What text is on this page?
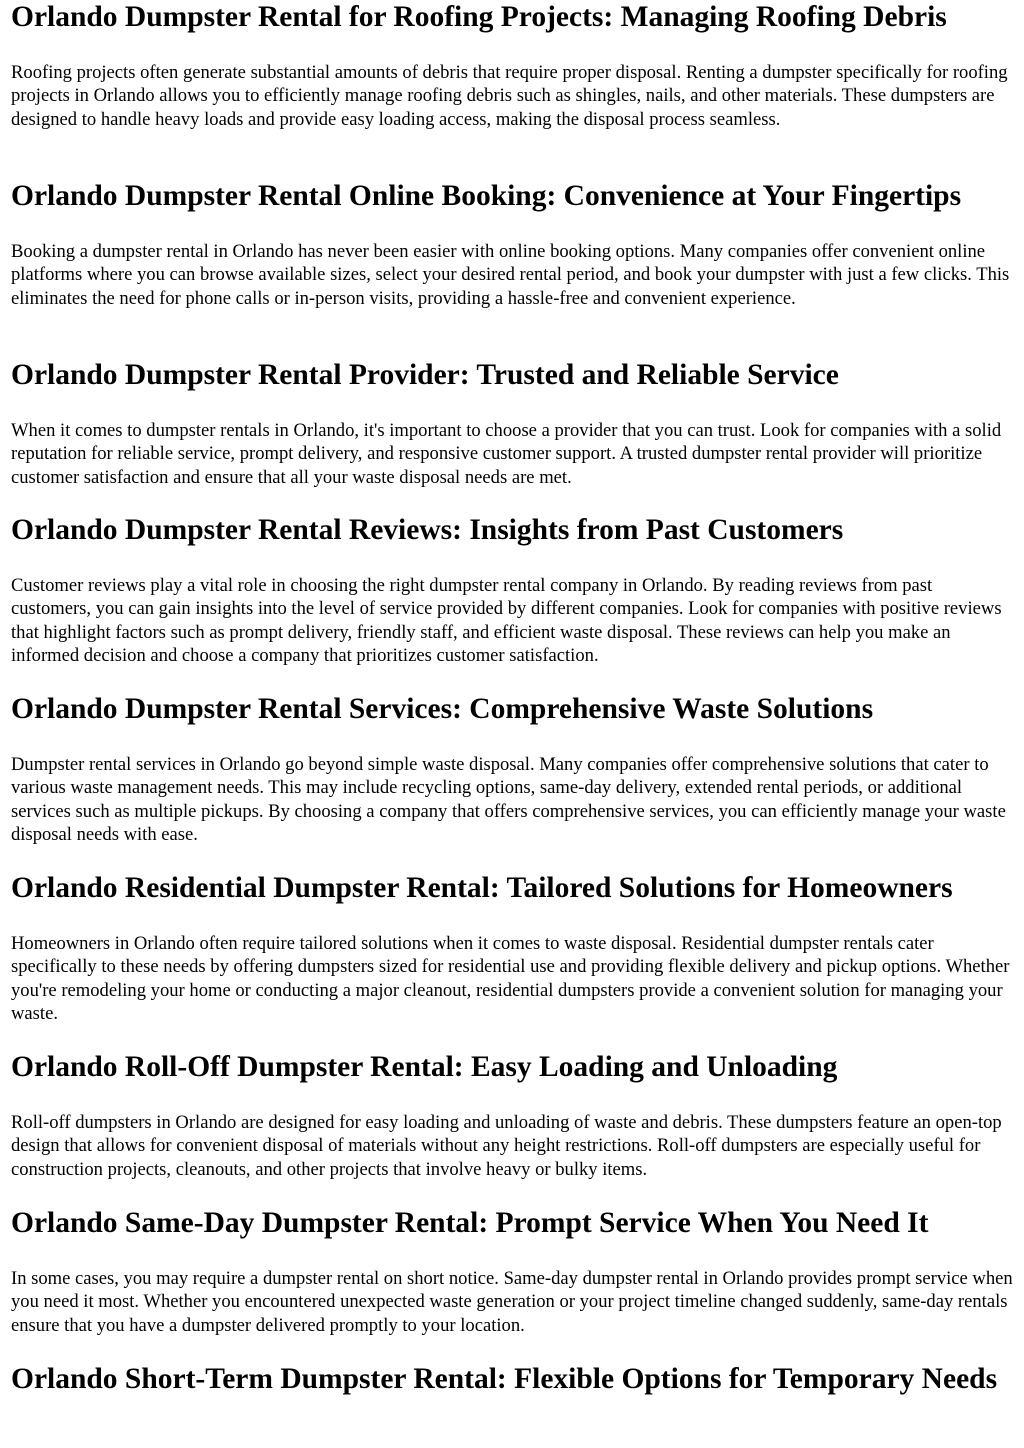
Orlando Dumpster Rental for Roofing Projects: Managing Roofing Debris

Roofing projects often generate substantial amounts of debris that require proper disposal. Renting a dumpster specifically for roofing projects in Orlando allows you to efficiently manage roofing debris such as shingles, nails, and other materials. These dumpsters are designed to handle heavy loads and provide easy loading access, making the disposal process seamless.

Orlando Dumpster Rental Online Booking: Convenience at Your Fingertips

Booking a dumpster rental in Orlando has never been easier with online booking options. Many companies offer convenient online platforms where you can browse available sizes, select your desired rental period, and book your dumpster with just a few clicks. This eliminates the need for phone calls or in-person visits, providing a hassle-free and convenient experience.

Orlando Dumpster Rental Provider: Trusted and Reliable Service

When it comes to dumpster rentals in Orlando, it's important to choose a provider that you can trust. Look for companies with a solid reputation for reliable service, prompt delivery, and responsive customer support. A trusted dumpster rental provider will prioritize customer satisfaction and ensure that all your waste disposal needs are met.

Orlando Dumpster Rental Reviews: Insights from Past Customers

Customer reviews play a vital role in choosing the right dumpster rental company in Orlando. By reading reviews from past customers, you can gain insights into the level of service provided by different companies. Look for companies with positive reviews that highlight factors such as prompt delivery, friendly staff, and efficient waste disposal. These reviews can help you make an informed decision and choose a company that prioritizes customer satisfaction.

Orlando Dumpster Rental Services: Comprehensive Waste Solutions

Dumpster rental services in Orlando go beyond simple waste disposal. Many companies offer comprehensive solutions that cater to various waste management needs. This may include recycling options, same-day delivery, extended rental periods, or additional services such as multiple pickups. By choosing a company that offers comprehensive services, you can efficiently manage your waste disposal needs with ease.

Orlando Residential Dumpster Rental: Tailored Solutions for Homeowners

Homeowners in Orlando often require tailored solutions when it comes to waste disposal. Residential dumpster rentals cater specifically to these needs by offering dumpsters sized for residential use and providing flexible delivery and pickup options. Whether you're remodeling your home or conducting a major cleanout, residential dumpsters provide a convenient solution for managing your waste.

Orlando Roll-Off Dumpster Rental: Easy Loading and Unloading

Roll-off dumpsters in Orlando are designed for easy loading and unloading of waste and debris. These dumpsters feature an open-top design that allows for convenient disposal of materials without any height restrictions. Roll-off dumpsters are especially useful for construction projects, cleanouts, and other projects that involve heavy or bulky items.

Orlando Same-Day Dumpster Rental: Prompt Service When You Need It

In some cases, you may require a dumpster rental on short notice. Same-day dumpster rental in Orlando provides prompt service when you need it most. Whether you encountered unexpected waste generation or your project timeline changed suddenly, same-day rentals ensure that you have a dumpster delivered promptly to your location.

Orlando Short-Term Dumpster Rental: Flexible Options for Temporary Needs
